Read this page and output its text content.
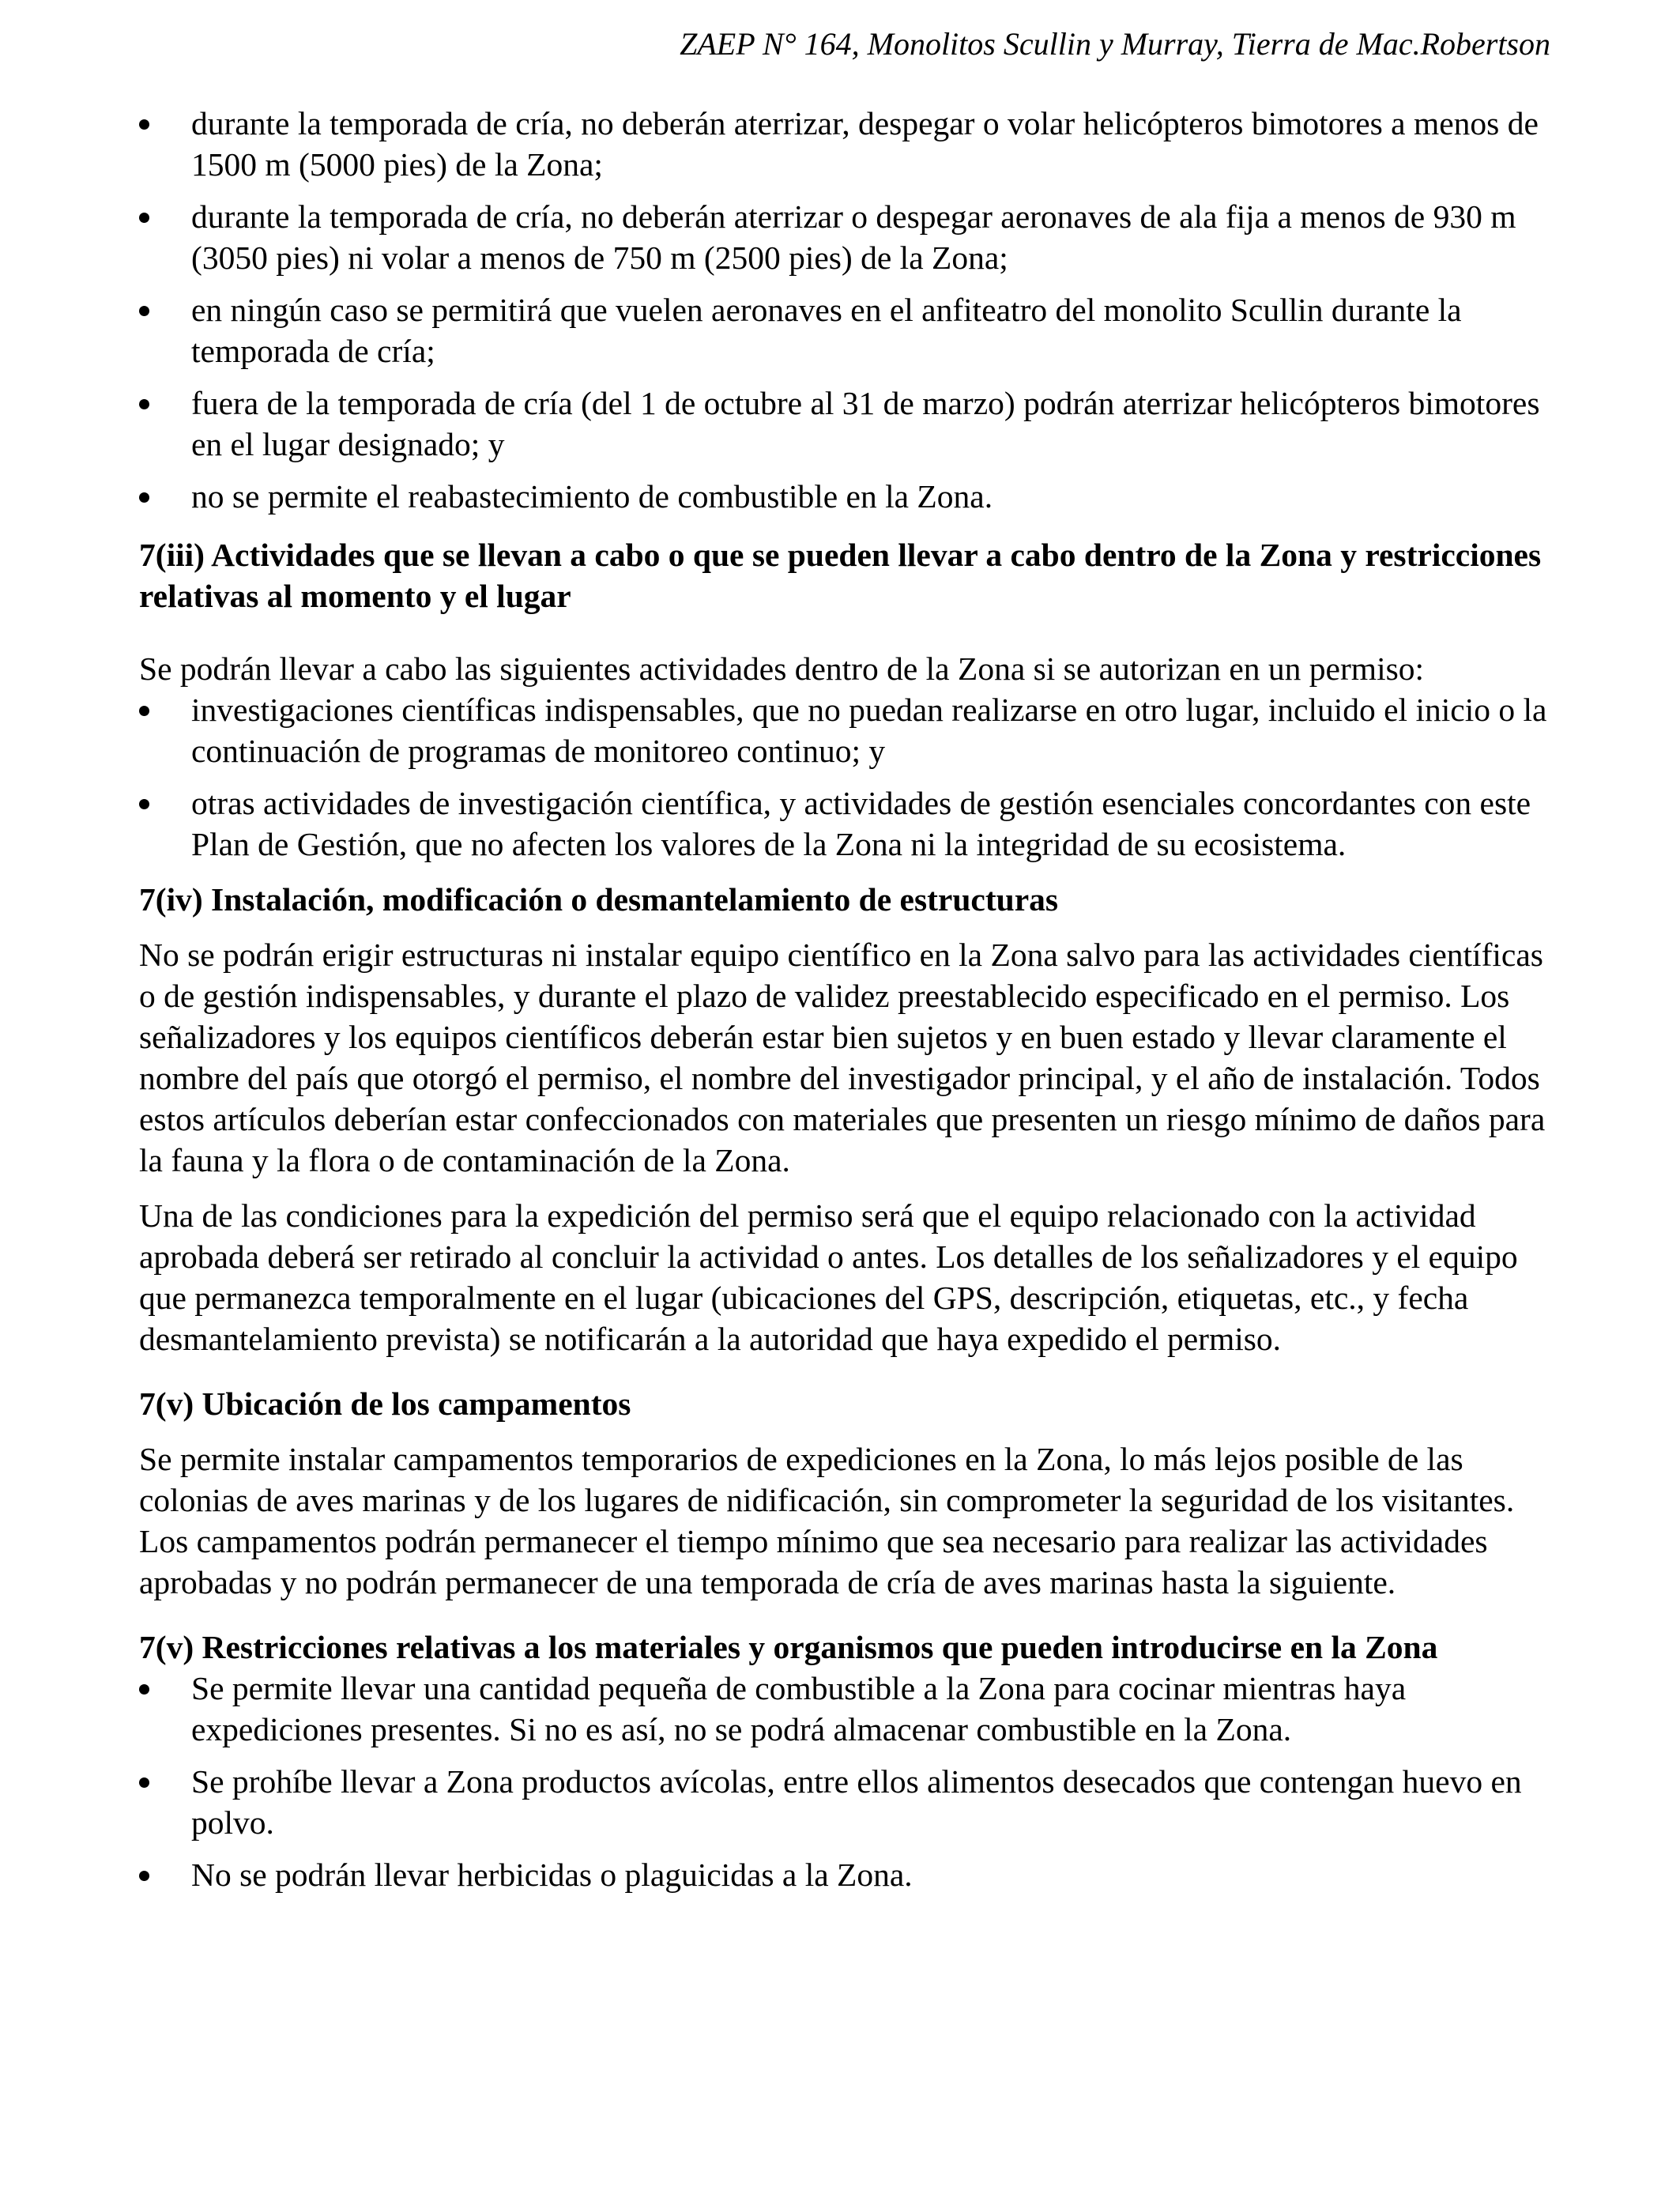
ZAEP N° 164, Monolitos Scullin y Murray, Tierra de Mac.Robertson
durante la temporada de cría, no deberán aterrizar, despegar o volar helicópteros bimotores a menos de 1500 m (5000 pies) de la Zona;
durante la temporada de cría, no deberán aterrizar o despegar aeronaves de ala fija a menos de 930 m (3050 pies) ni volar a menos de 750 m (2500 pies) de la Zona;
en ningún caso se permitirá que vuelen aeronaves en el anfiteatro del monolito Scullin durante la temporada de cría;
fuera de la temporada de cría (del 1 de octubre al 31 de marzo) podrán aterrizar helicópteros bimotores en el lugar designado; y
no se permite el reabastecimiento de combustible en la Zona.
7(iii) Actividades que se llevan a cabo o que se pueden llevar a cabo dentro de la Zona y restricciones relativas al momento y el lugar

Se podrán llevar a cabo las siguientes actividades dentro de la Zona si se autorizan en un permiso:

investigaciones científicas indispensables, que no puedan realizarse en otro lugar, incluido el inicio o la continuación de programas de monitoreo continuo; y
otras actividades de investigación científica, y actividades de gestión esenciales concordantes con este Plan de Gestión, que no afecten los valores de la Zona ni la integridad de su ecosistema.
7(iv) Instalación, modificación o desmantelamiento de estructuras

No se podrán erigir estructuras ni instalar equipo científico en la Zona salvo para las actividades científicas o de gestión indispensables, y durante el plazo de validez preestablecido especificado en el permiso. Los señalizadores y los equipos científicos deberán estar bien sujetos y en buen estado y llevar claramente el nombre del país que otorgó el permiso, el nombre del investigador principal, y el año de instalación. Todos estos artículos deberían estar confeccionados con materiales que presenten un riesgo mínimo de daños para la fauna y la flora o de contaminación de la Zona.

Una de las condiciones para la expedición del permiso será que el equipo relacionado con la actividad aprobada deberá ser retirado al concluir la actividad o antes. Los detalles de los señalizadores y el equipo que permanezca temporalmente en el lugar (ubicaciones del GPS, descripción, etiquetas, etc., y fecha desmantelamiento prevista) se notificarán a la autoridad que haya expedido el permiso.

7(v) Ubicación de los campamentos

Se permite instalar campamentos temporarios de expediciones en la Zona, lo más lejos posible de las colonias de aves marinas y de los lugares de nidificación, sin comprometer la seguridad de los visitantes. Los campamentos podrán permanecer el tiempo mínimo que sea necesario para realizar las actividades aprobadas y no podrán permanecer de una temporada de cría de aves marinas hasta la siguiente.

7(v) Restricciones relativas a los materiales y organismos que pueden introducirse en la Zona
Se permite llevar una cantidad pequeña de combustible a la Zona para cocinar mientras haya expediciones presentes. Si no es así, no se podrá almacenar combustible en la Zona.
Se prohíbe llevar a Zona productos avícolas, entre ellos alimentos desecados que contengan huevo en polvo.
No se podrán llevar herbicidas o plaguicidas a la Zona.
